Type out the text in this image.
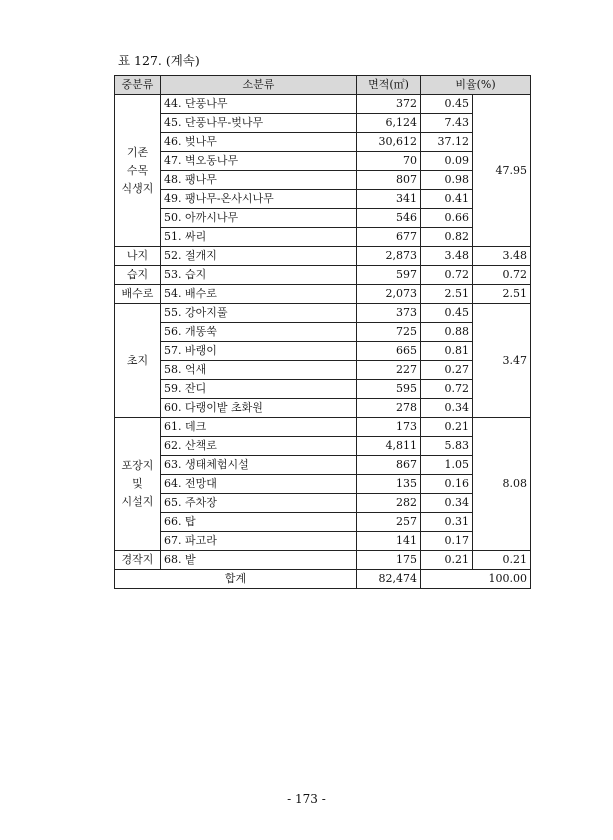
표 127. (계속)
중분류	소분류	면적(㎡)	비율(%)	

기존
수목
식생지	44. 단풍나무	372	0.45	47.95
	45. 단풍나무-벚나무	6,124	7.43	
	46. 벚나무	30,612	37.12	
	47. 벽오동나무	70	0.09	
	48. 팽나무	807	0.98	
	49. 팽나무-온사시나무	341	0.41	
	50. 아까시나무	546	0.66	
	51. 싸리	677	0.82	

나지	52. 절개지	2,873	3.48	3.48

습지	53. 습지	597	0.72	0.72

배수로	54. 배수로	2,073	2.51	2.51

초지	55. 강아지풀	373	0.45	3.47
	56. 개똥쑥	725	0.88	
	57. 바랭이	665	0.81	
	58. 억새	227	0.27	
	59. 잔디	595	0.72	
	60. 다랭이밭 초화원	278	0.34	

포장지
및
시설지	61. 데크	173	0.21	8.08
	62. 산책로	4,811	5.83	
	63. 생태체험시설	867	1.05	
	64. 전망대	135	0.16	
	65. 주차장	282	0.34	
	66. 탑	257	0.31	
	67. 파고라	141	0.17	

경작지	68. 밭	175	0.21	0.21
합계		82,474	100.00	
- 173 -
